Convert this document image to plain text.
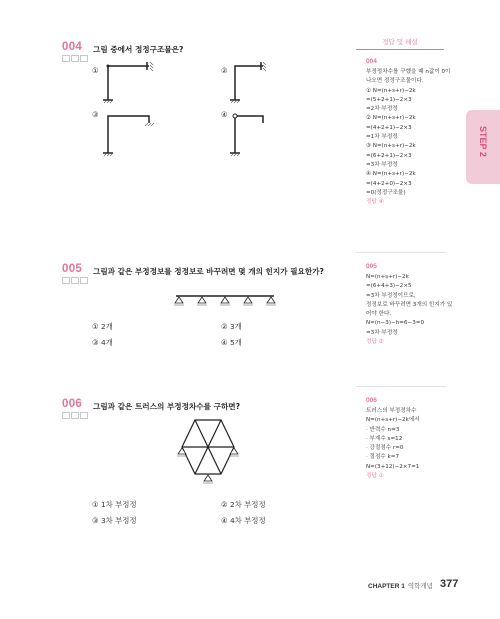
정답 및 해설
STEP 2
004 그림 중에서 정정구조물은?
①	②
③	④
005 그림과 같은 부정정보를 정정보로 바꾸려면 몇 개의 힌지가 필요한가?
① 2개	② 3개
③ 4개	④ 5개
006 그림과 같은 트러스의 부정정차수를 구하면?
① 1차 부정정	② 2차 부정정
③ 3차 부정정	④ 4차 부정정
004
부정정차수를 구했을 때 n값이 0이
나오면 정정구조물이다.
① N=(n+s+r)−2k
=(5+2+1)−2×3
=2차 부정정
② N=(n+s+r)−2k
=(4+2+1)−2×3
=1차 부정정
③ N=(n+s+r)−2k
=(6+2+1)−2×3
=3차 부정정
④ N=(n+s+r)−2k
=(4+2+0)−2×3
=0(정정구조물)
정답 ④
005
N=(n+s+r)−2k
=(6+4+3)−2×5
=3차 부정정이므로,
정정보로 바꾸려면 3개의 힌지가 있
어야 한다.
N=(n−3)−h=6−3=0
=3차 부정정
정답 ②
006
트러스의 부정정차수
N=(n+s+r)−2k에서
· 반력수 n=3
· 부재수 s=12
· 강절점수 r=0
· 절점수 k=7
N=(3+12)−2×7=1
정답 ①
CHAPTER 1 역학개념 377
